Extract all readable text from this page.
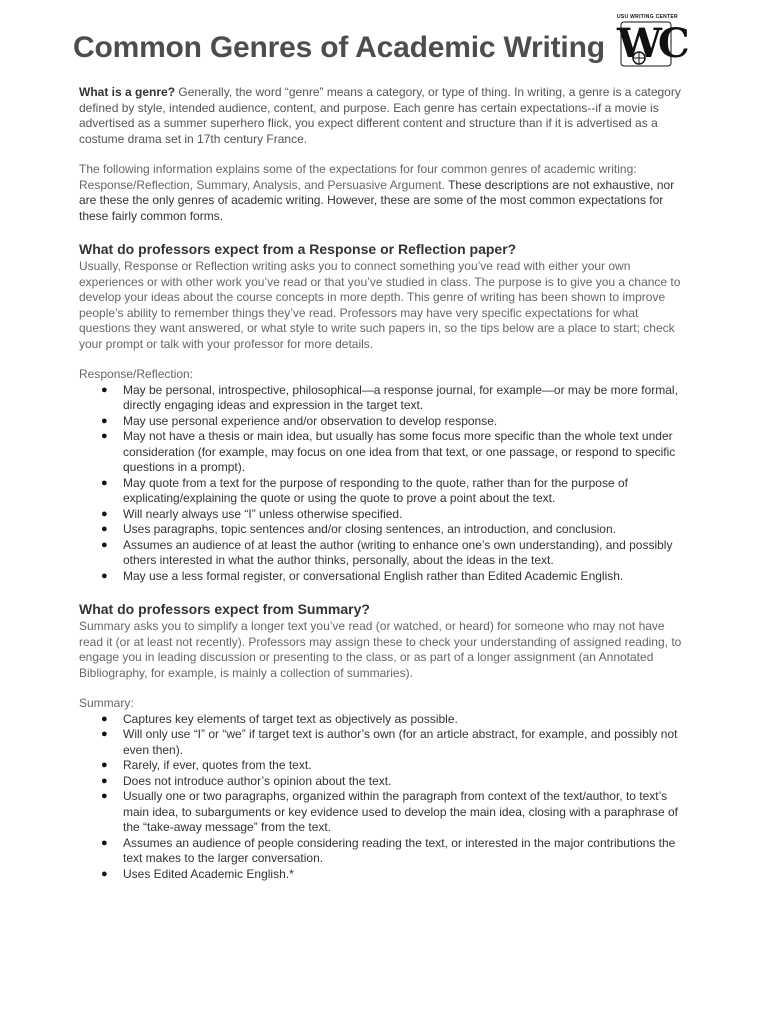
Common Genres of Academic Writing
USU WRITING CENTER
WC

What is a genre? Generally, the word “genre” means a category, or type of thing. In writing, a genre is a category defined by style, intended audience, content, and purpose. Each genre has certain expectations--if a movie is advertised as a summer superhero flick, you expect different content and structure than if it is advertised as a costume drama set in 17th century France.

The following information explains some of the expectations for four common genres of academic writing: Response/Reflection, Summary, Analysis, and Persuasive Argument. These descriptions are not exhaustive, nor are these the only genres of academic writing. However, these are some of the most common expectations for these fairly common forms.

What do professors expect from a Response or Reflection paper?

Usually, Response or Reflection writing asks you to connect something you’ve read with either your own experiences or with other work you’ve read or that you’ve studied in class. The purpose is to give you a chance to develop your ideas about the course concepts in more depth. This genre of writing has been shown to improve people’s ability to remember things they’ve read. Professors may have very specific expectations for what questions they want answered, or what style to write such papers in, so the tips below are a place to start; check your prompt or talk with your professor for more details.

Response/Reflection:
● May be personal, introspective, philosophical—a response journal, for example—or may be more formal, directly engaging ideas and expression in the target text.
● May use personal experience and/or observation to develop response.
● May not have a thesis or main idea, but usually has some focus more specific than the whole text under consideration (for example, may focus on one idea from that text, or one passage, or respond to specific questions in a prompt).
● May quote from a text for the purpose of responding to the quote, rather than for the purpose of explicating/explaining the quote or using the quote to prove a point about the text.
● Will nearly always use “I” unless otherwise specified.
● Uses paragraphs, topic sentences and/or closing sentences, an introduction, and conclusion.
● Assumes an audience of at least the author (writing to enhance one’s own understanding), and possibly others interested in what the author thinks, personally, about the ideas in the text.
● May use a less formal register, or conversational English rather than Edited Academic English.
What do professors expect from Summary?

Summary asks you to simplify a longer text you’ve read (or watched, or heard) for someone who may not have read it (or at least not recently). Professors may assign these to check your understanding of assigned reading, to engage you in leading discussion or presenting to the class, or as part of a longer assignment (an Annotated Bibliography, for example, is mainly a collection of summaries).

Summary:
● Captures key elements of target text as objectively as possible.
● Will only use “I” or “we” if target text is author’s own (for an article abstract, for example, and possibly not even then).
● Rarely, if ever, quotes from the text.
● Does not introduce author’s opinion about the text.
● Usually one or two paragraphs, organized within the paragraph from context of the text/author, to text’s main idea, to subarguments or key evidence used to develop the main idea, closing with a paraphrase of the “take-away message” from the text.
● Assumes an audience of people considering reading the text, or interested in the major contributions the text makes to the larger conversation.
● Uses Edited Academic English.*
